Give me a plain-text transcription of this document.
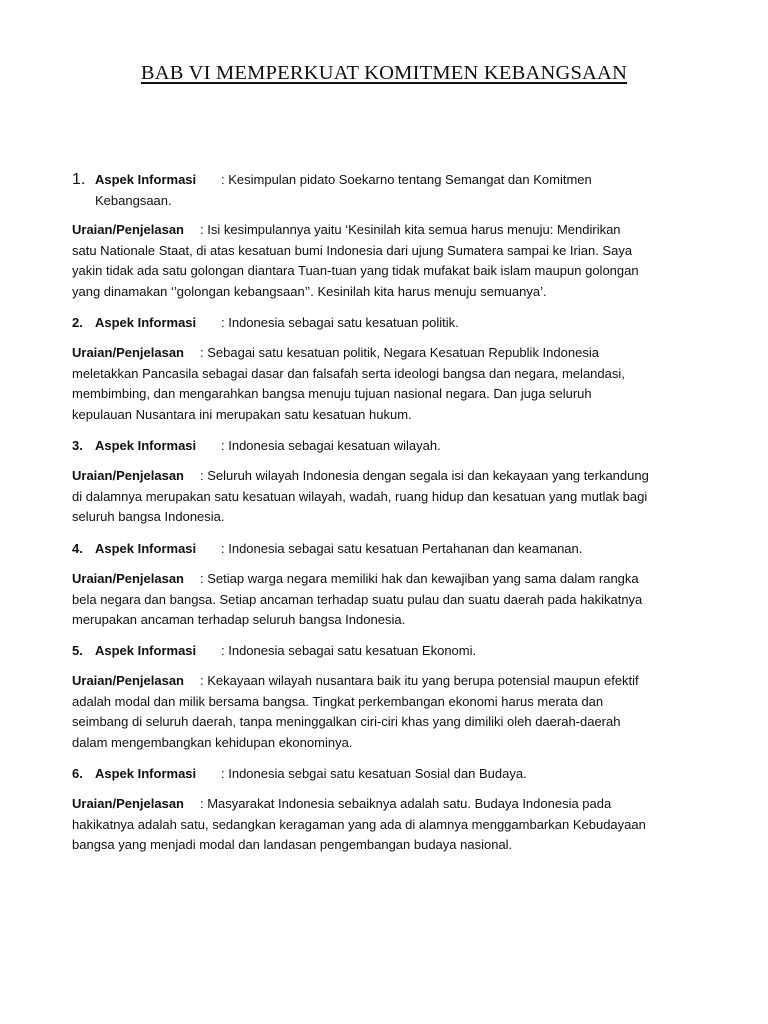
BAB VI MEMPERKUAT KOMITMEN KEBANGSAAN
1. Aspek Informasi : Kesimpulan pidato Soekarno tentang Semangat dan Komitmen
Kebangsaan.
Uraian/Penjelasan : Isi kesimpulannya yaitu ‘Kesinilah kita semua harus menuju: Mendirikan
satu Nationale Staat, di atas kesatuan bumi Indonesia dari ujung Sumatera sampai ke Irian. Saya
yakin tidak ada satu golongan diantara Tuan-tuan yang tidak mufakat baik islam maupun golongan
yang dinamakan ‘’golongan kebangsaan’’. Kesinilah kita harus menuju semuanya’.
2. Aspek Informasi : Indonesia sebagai satu kesatuan politik.
Uraian/Penjelasan : Sebagai satu kesatuan politik, Negara Kesatuan Republik Indonesia
meletakkan Pancasila sebagai dasar dan falsafah serta ideologi bangsa dan negara, melandasi,
membimbing, dan mengarahkan bangsa menuju tujuan nasional negara. Dan juga seluruh
kepulauan Nusantara ini merupakan satu kesatuan hukum.
3. Aspek Informasi : Indonesia sebagai kesatuan wilayah.
Uraian/Penjelasan : Seluruh wilayah Indonesia dengan segala isi dan kekayaan yang terkandung
di dalamnya merupakan satu kesatuan wilayah, wadah, ruang hidup dan kesatuan yang mutlak bagi
seluruh bangsa Indonesia.
4. Aspek Informasi : Indonesia sebagai satu kesatuan Pertahanan dan keamanan.
Uraian/Penjelasan : Setiap warga negara memiliki hak dan kewajiban yang sama dalam rangka
bela negara dan bangsa. Setiap ancaman terhadap suatu pulau dan suatu daerah pada hakikatnya
merupakan ancaman terhadap seluruh bangsa Indonesia.
5. Aspek Informasi : Indonesia sebagai satu kesatuan Ekonomi.
Uraian/Penjelasan : Kekayaan wilayah nusantara baik itu yang berupa potensial maupun efektif
adalah modal dan milik bersama bangsa. Tingkat perkembangan ekonomi harus merata dan
seimbang di seluruh daerah, tanpa meninggalkan ciri-ciri khas yang dimiliki oleh daerah-daerah
dalam mengembangkan kehidupan ekonominya.
6. Aspek Informasi : Indonesia sebgai satu kesatuan Sosial dan Budaya.
Uraian/Penjelasan : Masyarakat Indonesia sebaiknya adalah satu. Budaya Indonesia pada
hakikatnya adalah satu, sedangkan keragaman yang ada di alamnya menggambarkan Kebudayaan
bangsa yang menjadi modal dan landasan pengembangan budaya nasional.
